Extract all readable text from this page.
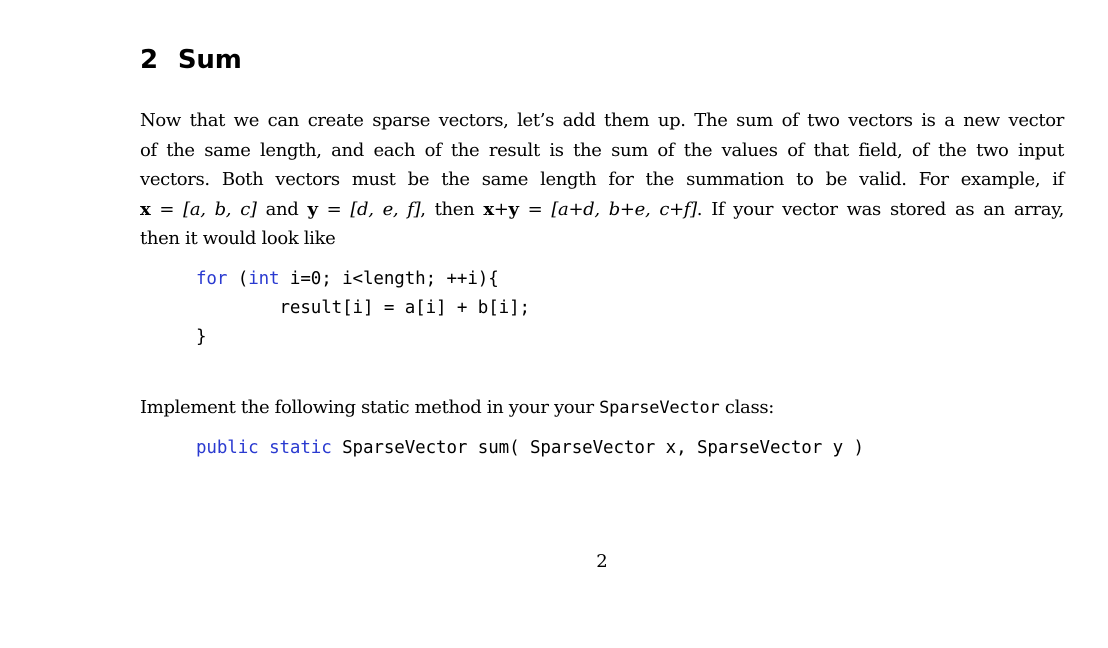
2 Sum

Now that we can create sparse vectors, let’s add them up. The sum of two vectors is a new vector
of the same length, and each of the result is the sum of the values of that field, of the two input
vectors. Both vectors must be the same length for the summation to be valid. For example, if
x = [a, b, c] and y = [d, e, f], then x+y = [a+d, b+e, c+f]. If your vector was stored as an array,
then it would look like

for (int i=0; i<length; ++i){
result[i] = a[i] + b[i];
}

Implement the following static method in your your SparseVector class:

public static SparseVector sum( SparseVector x, SparseVector y )

2
